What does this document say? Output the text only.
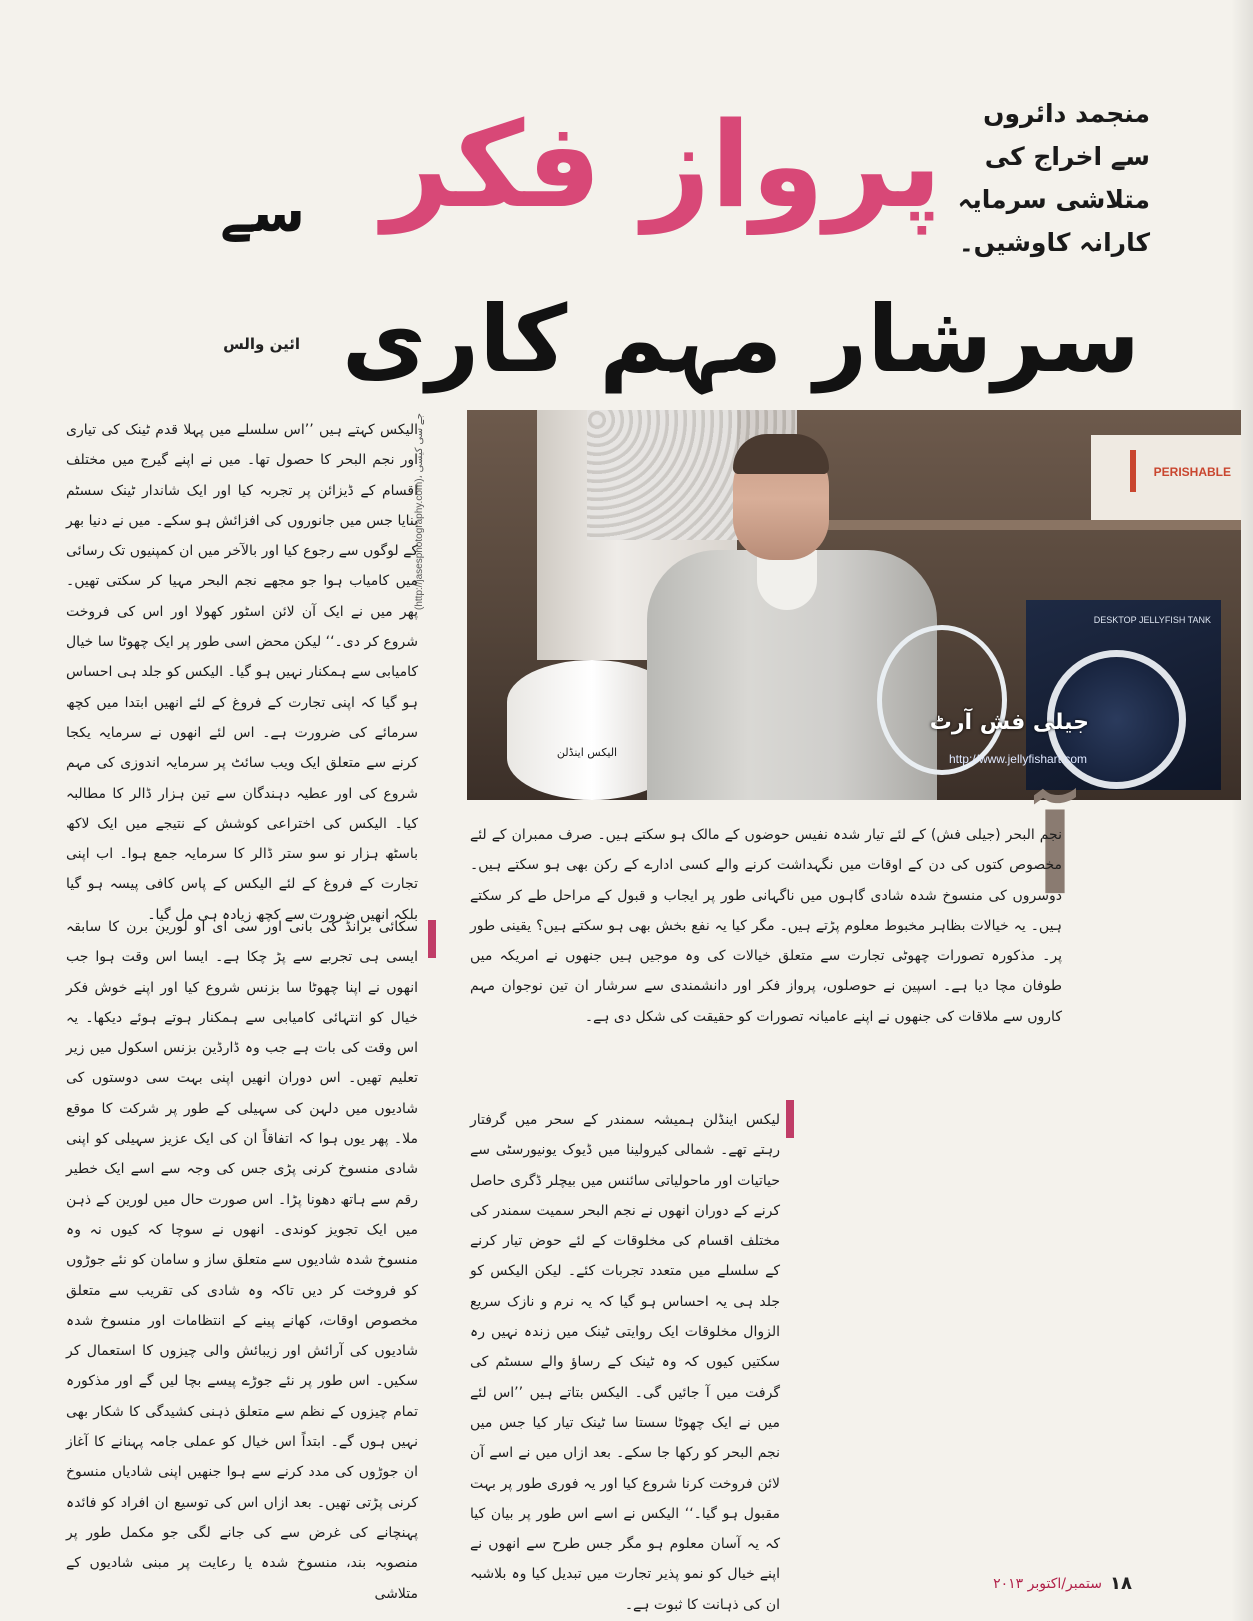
منجمد دائروں سے اخراج کی متلاشی سرمایہ کارانہ کاوشیں۔
پرواز فکر
سے
سرشار مہم کاری
ائین والس
PERISHABLE
DESKTOP JELLYFISH TANK
جیلی فش آرٹ
http://www.jellyfishart.com
الیکس اینڈلن
(http://jasesphotography.com)، جے سی کیسی

الیکس کہتے ہیں ’’اس سلسلے میں پہلا قدم ٹینک کی تیاری اور نجم البحر کا حصول تھا۔ میں نے اپنے گیرج میں مختلف اقسام کے ڈیزائن پر تجربہ کیا اور ایک شاندار ٹینک سسٹم بنایا جس میں جانوروں کی افزائش ہو سکے۔ میں نے دنیا بھر کے لوگوں سے رجوع کیا اور بالآخر میں ان کمپنیوں تک رسائی میں کامیاب ہوا جو مجھے نجم البحر مہیا کر سکتی تھیں۔ پھر میں نے ایک آن لائن اسٹور کھولا اور اس کی فروخت شروع کر دی۔‘‘ لیکن محض اسی طور پر ایک چھوٹا سا خیال کامیابی سے ہمکنار نہیں ہو گیا۔ الیکس کو جلد ہی احساس ہو گیا کہ اپنی تجارت کے فروغ کے لئے انھیں ابتدا میں کچھ سرمائے کی ضرورت ہے۔ اس لئے انھوں نے سرمایہ یکجا کرنے سے متعلق ایک ویب سائٹ پر سرمایہ اندوزی کی مہم شروع کی اور عطیہ دہندگان سے تین ہزار ڈالر کا مطالبہ کیا۔ الیکس کی اختراعی کوشش کے نتیجے میں ایک لاکھ باسٹھ ہزار نو سو ستر ڈالر کا سرمایہ جمع ہوا۔ اب اپنی تجارت کے فروغ کے لئے الیکس کے پاس کافی پیسہ ہو گیا بلکہ انھیں ضرورت سے کچھ زیادہ ہی مل گیا۔

سکائی برانڈ کی بانی اور سی ای او لورین برن کا سابقہ ایسی ہی تجربے سے پڑ چکا ہے۔ ایسا اس وقت ہوا جب انھوں نے اپنا چھوٹا سا بزنس شروع کیا اور اپنے خوش فکر خیال کو انتہائی کامیابی سے ہمکنار ہوتے ہوئے دیکھا۔ یہ اس وقت کی بات ہے جب وہ ڈارڈین بزنس اسکول میں زیر تعلیم تھیں۔ اس دوران انھیں اپنی بہت سی دوستوں کی شادیوں میں دلہن کی سہیلی کے طور پر شرکت کا موقع ملا۔ پھر یوں ہوا کہ اتفاقاً ان کی ایک عزیز سہیلی کو اپنی شادی منسوخ کرنی پڑی جس کی وجہ سے اسے ایک خطیر رقم سے ہاتھ دھونا پڑا۔ اس صورت حال میں لورین کے ذہن میں ایک تجویز کوندی۔ انھوں نے سوچا کہ کیوں نہ وہ منسوخ شدہ شادیوں سے متعلق ساز و سامان کو نئے جوڑوں کو فروخت کر دیں تاکہ وہ شادی کی تقریب سے متعلق مخصوص اوقات، کھانے پینے کے انتظامات اور منسوخ شدہ شادیوں کی آرائش اور زیبائش والی چیزوں کا استعمال کر سکیں۔ اس طور پر نئے جوڑے پیسے بچا لیں گے اور مذکورہ تمام چیزوں کے نظم سے متعلق ذہنی کشیدگی کا شکار بھی نہیں ہوں گے۔ ابتداً اس خیال کو عملی جامہ پہنانے کا آغاز ان جوڑوں کی مدد کرنے سے ہوا جنھیں اپنی شادیاں منسوخ کرنی پڑتی تھیں۔ بعد ازاں اس کی توسیع ان افراد کو فائدہ پہنچانے کی غرض سے کی جانے لگی جو مکمل طور پر منصوبہ بند، منسوخ شدہ یا رعایت پر مبنی شادیوں کے متلاشی

آ

نجم البحر (جیلی فش) کے لئے تیار شدہ نفیس حوضوں کے مالک ہو سکتے ہیں۔ صرف ممبران کے لئے مخصوص کتوں کی دن کے اوقات میں نگہداشت کرنے والے کسی ادارے کے رکن بھی ہو سکتے ہیں۔ دوسروں کی منسوخ شدہ شادی گاہوں میں ناگہانی طور پر ایجاب و قبول کے مراحل طے کر سکتے ہیں۔ یہ خیالات بظاہر مخبوط معلوم پڑتے ہیں۔ مگر کیا یہ نفع بخش بھی ہو سکتے ہیں؟ یقینی طور پر۔ مذکورہ تصورات چھوٹی تجارت سے متعلق خیالات کی وہ موجیں ہیں جنھوں نے امریکہ میں طوفان مچا دیا ہے۔ اسپین نے حوصلوں، پرواز فکر اور دانشمندی سے سرشار ان تین نوجوان مہم کاروں سے ملاقات کی جنھوں نے اپنے عامیانہ تصورات کو حقیقت کی شکل دی ہے۔

لیکس اینڈلن ہمیشہ سمندر کے سحر میں گرفتار رہتے تھے۔ شمالی کیرولینا میں ڈیوک یونیورسٹی سے حیاتیات اور ماحولیاتی سائنس میں بیچلر ڈگری حاصل کرنے کے دوران انھوں نے نجم البحر سمیت سمندر کی مختلف اقسام کی مخلوقات کے لئے حوض تیار کرنے کے سلسلے میں متعدد تجربات کئے۔ لیکن الیکس کو جلد ہی یہ احساس ہو گیا کہ یہ نرم و نازک سریع الزوال مخلوقات ایک روایتی ٹینک میں زندہ نہیں رہ سکتیں کیوں کہ وہ ٹینک کے رساؤ والے سسٹم کی گرفت میں آ جائیں گی۔ الیکس بتاتے ہیں ’’اس لئے میں نے ایک چھوٹا سستا سا ٹینک تیار کیا جس میں نجم البحر کو رکھا جا سکے۔ بعد ازاں میں نے اسے آن لائن فروخت کرنا شروع کیا اور یہ فوری طور پر بہت مقبول ہو گیا۔‘‘ الیکس نے اسے اس طور پر بیان کیا کہ یہ آسان معلوم ہو مگر جس طرح سے انھوں نے اپنے خیال کو نمو پذیر تجارت میں تبدیل کیا وہ بلاشبہ ان کی ذہانت کا ثبوت ہے۔

۱۸
ستمبر/اکتوبر ۲۰۱۳
